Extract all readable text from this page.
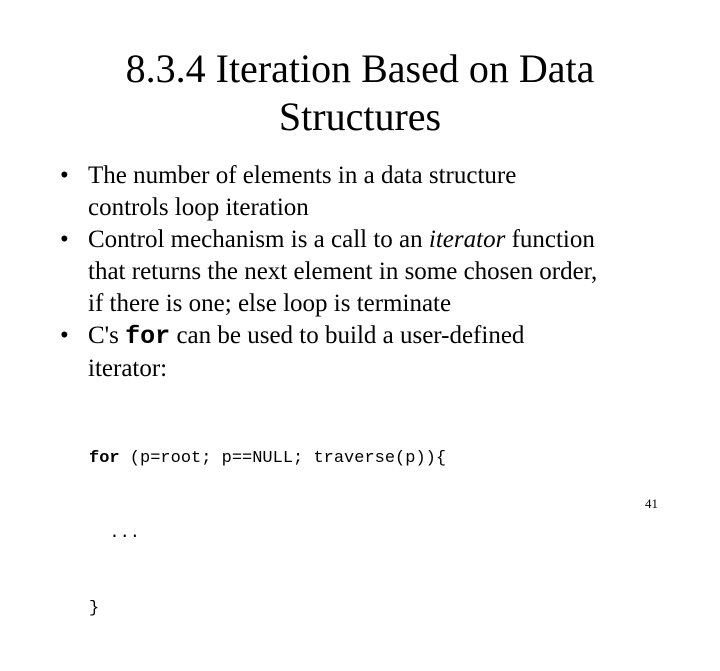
8.3.4 Iteration Based on Data
Structures
• The number of elements in a data structure
controls loop iteration
• Control mechanism is a call to an iterator function
that returns the next element in some chosen order,
if there is one; else loop is terminate
• C's for can be used to build a user-defined
iterator:

for (p=root; p==NULL; traverse(p)){

...

}

41
